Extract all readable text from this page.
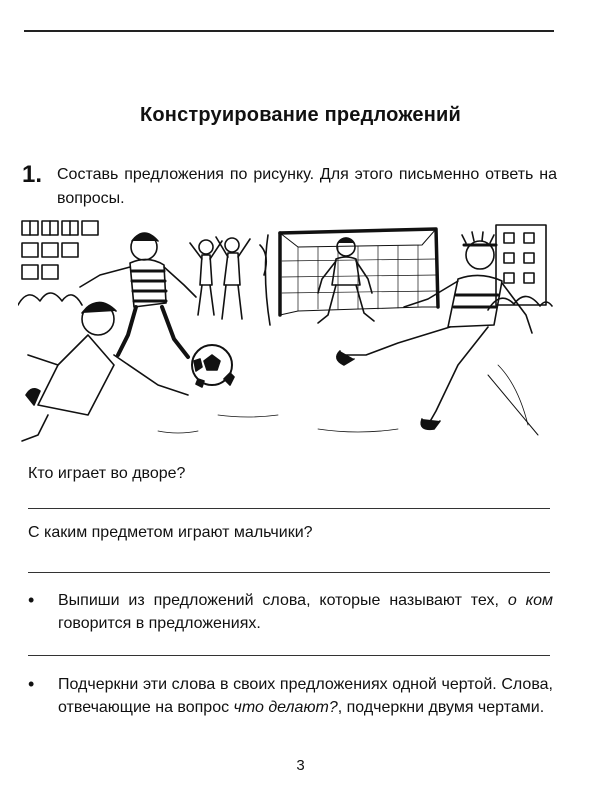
Конструирование предложений
1. Составь предложения по рисунку. Для этого письменно ответь на вопросы.
Кто играет во дворе?
С каким предметом играют мальчики?
• Выпиши из предложений слова, которые называют тех, о ком говорится в предложениях.
• Подчеркни эти слова в своих предложениях одной чертой. Слова, отвечающие на вопрос что делают?, подчеркни двумя чертами.
3
